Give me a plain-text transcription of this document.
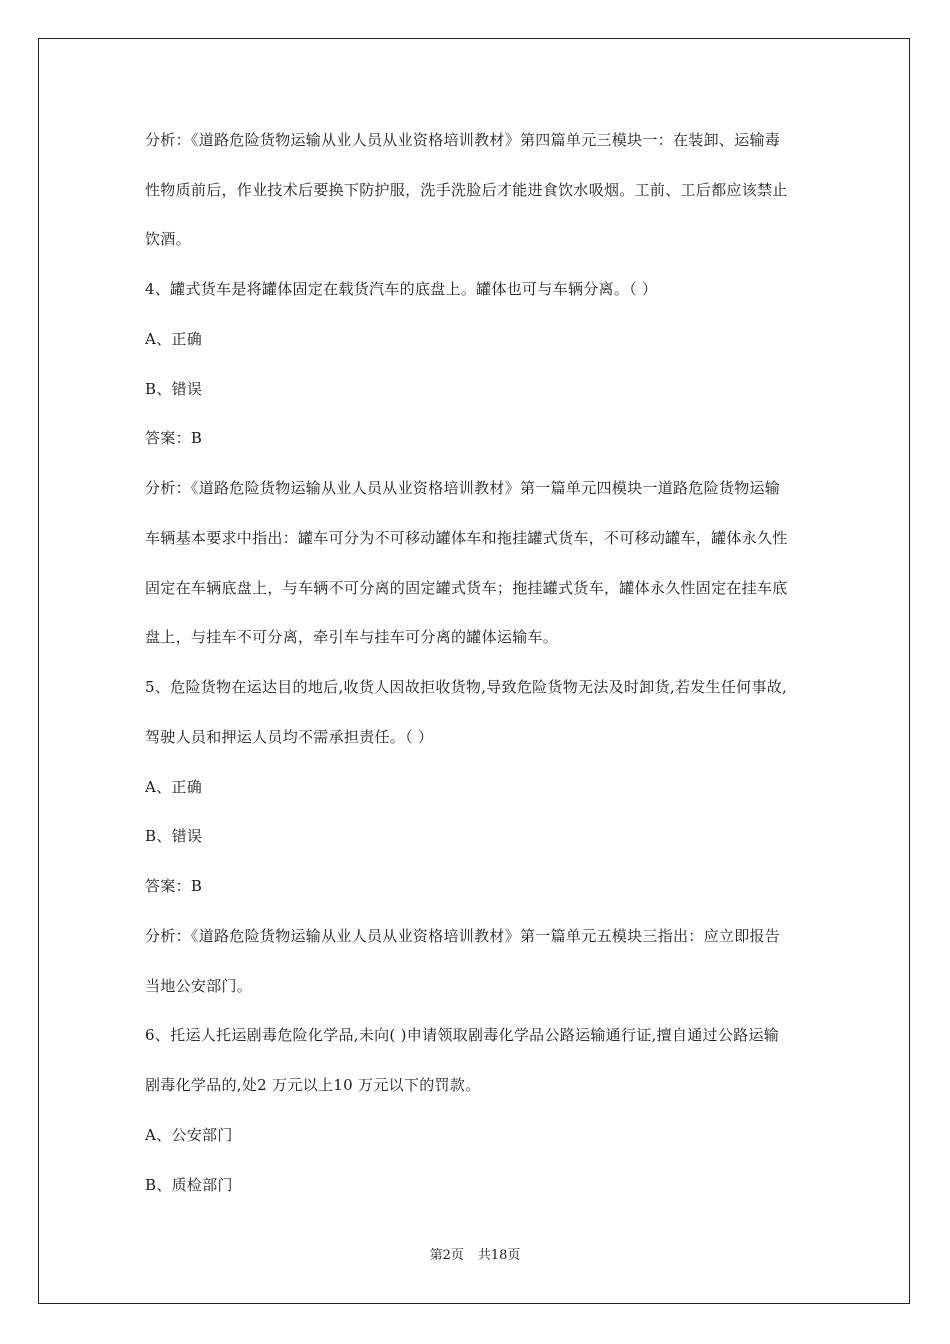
分析：《道路危险货物运输从业人员从业资格培训教材》第四篇单元三模块一：在装卸、运输毒
性物质前后，作业技术后要换下防护服，洗手洗脸后才能进食饮水吸烟。工前、工后都应该禁止
饮酒。
4、罐式货车是将罐体固定在载货汽车的底盘上。罐体也可与车辆分离。（ ）
A、正确
B、错误
答案：B
分析：《道路危险货物运输从业人员从业资格培训教材》第一篇单元四模块一道路危险货物运输
车辆基本要求中指出：罐车可分为不可移动罐体车和拖挂罐式货车，不可移动罐车，罐体永久性
固定在车辆底盘上，与车辆不可分离的固定罐式货车；拖挂罐式货车，罐体永久性固定在挂车底
盘上，与挂车不可分离，牵引车与挂车可分离的罐体运输车。
5、危险货物在运达目的地后,收货人因故拒收货物,导致危险货物无法及时卸货,若发生任何事故,
驾驶人员和押运人员均不需承担责任。（ ）
A、正确
B、错误
答案：B
分析：《道路危险货物运输从业人员从业资格培训教材》第一篇单元五模块三指出：应立即报告
当地公安部门。
6、托运人托运剧毒危险化学品,未向( )申请领取剧毒化学品公路运输通行证,擅自通过公路运输
剧毒化学品的,处2 万元以上10 万元以下的罚款。
A、公安部门
B、质检部门
第2页 共18页
